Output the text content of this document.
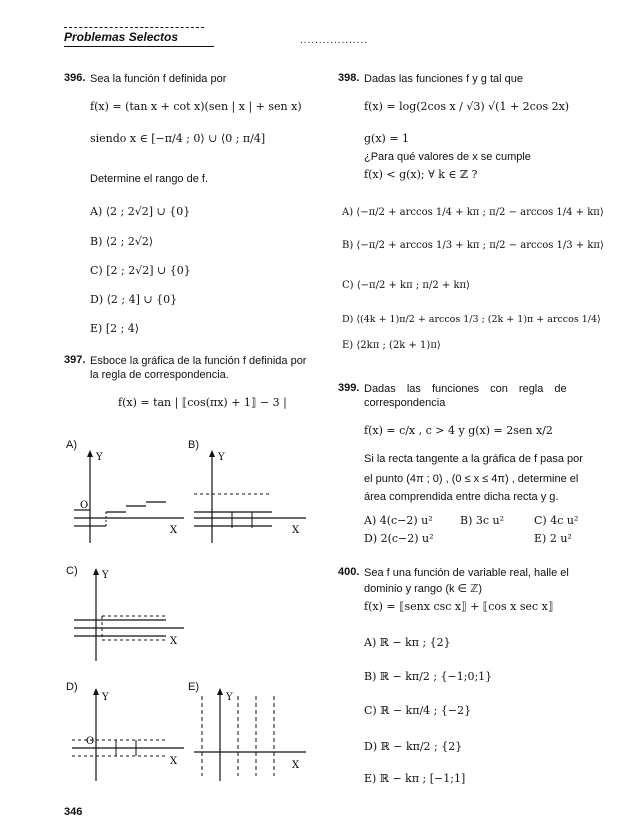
Problemas Selectos	..................
396. Sea la función f definida por
f(x) = (tan x + cot x)(sen | x | + sen x)
siendo x ∈ [−π/4 ; 0⟩ ∪ ⟨0 ; π/4]
Determine el rango de f.
A) ⟨2 ; 2√2] ∪ {0}
B) ⟨2 ; 2√2⟩
C) [2 ; 2√2] ∪ {0}
D) ⟨2 ; 4] ∪ {0}
E) [2 ; 4⟩
397. Esboce la gráfica de la función f definida por
la regla de correspondencia.
f(x) = tan | ⟦cos(πx) + 1⟧ − 3 |
A)
Y
O
X
B)
Y
X
C) Y
X
D)
Y
O
X
E)
Y
X
398. Dadas las funciones f y g tal que
f(x) = log(2cos x / √3) √(1 + 2cos 2x)
g(x) = 1
¿Para qué valores de x se cumple
f(x) < g(x); ∀ k ∈ ℤ ?
A) ⟨−π/2 + arccos 1/4 + kπ ; π/2 − arccos 1/4 + kπ⟩
B) ⟨−π/2 + arccos 1/3 + kπ ; π/2 − arccos 1/3 + kπ⟩
C) ⟨−π/2 + kπ ; π/2 + kπ⟩
D) ⟨(4k + 1)π/2 + arccos 1/3 ; (2k + 1)π + arccos 1/4⟩
E) ⟨2kπ ; (2k + 1)π⟩
399. Dadas las funciones con regla de
correspondencia
f(x) = c/x , c > 4 y g(x) = 2sen x/2
Si la recta tangente a la gráfica de f pasa por
el punto (4π ; 0) , (0 ≤ x ≤ 4π) , determine el
área comprendida entre dicha recta y g.
A) 4(c−2) u² B) 3c u²	C) 4c u²
D) 2(c−2) u²	E) 2 u²
400. Sea f una función de variable real, halle el
dominio y rango (k ∈ ℤ)
f(x) = ⟦senx csc x⟧ + ⟦cos x sec x⟧
A) ℝ − kπ ; {2}
B) ℝ − kπ/2 ; {−1;0;1}
C) ℝ − kπ/4 ; {−2}
D) ℝ − kπ/2 ; {2}
E) ℝ − kπ ; [−1;1]
346
